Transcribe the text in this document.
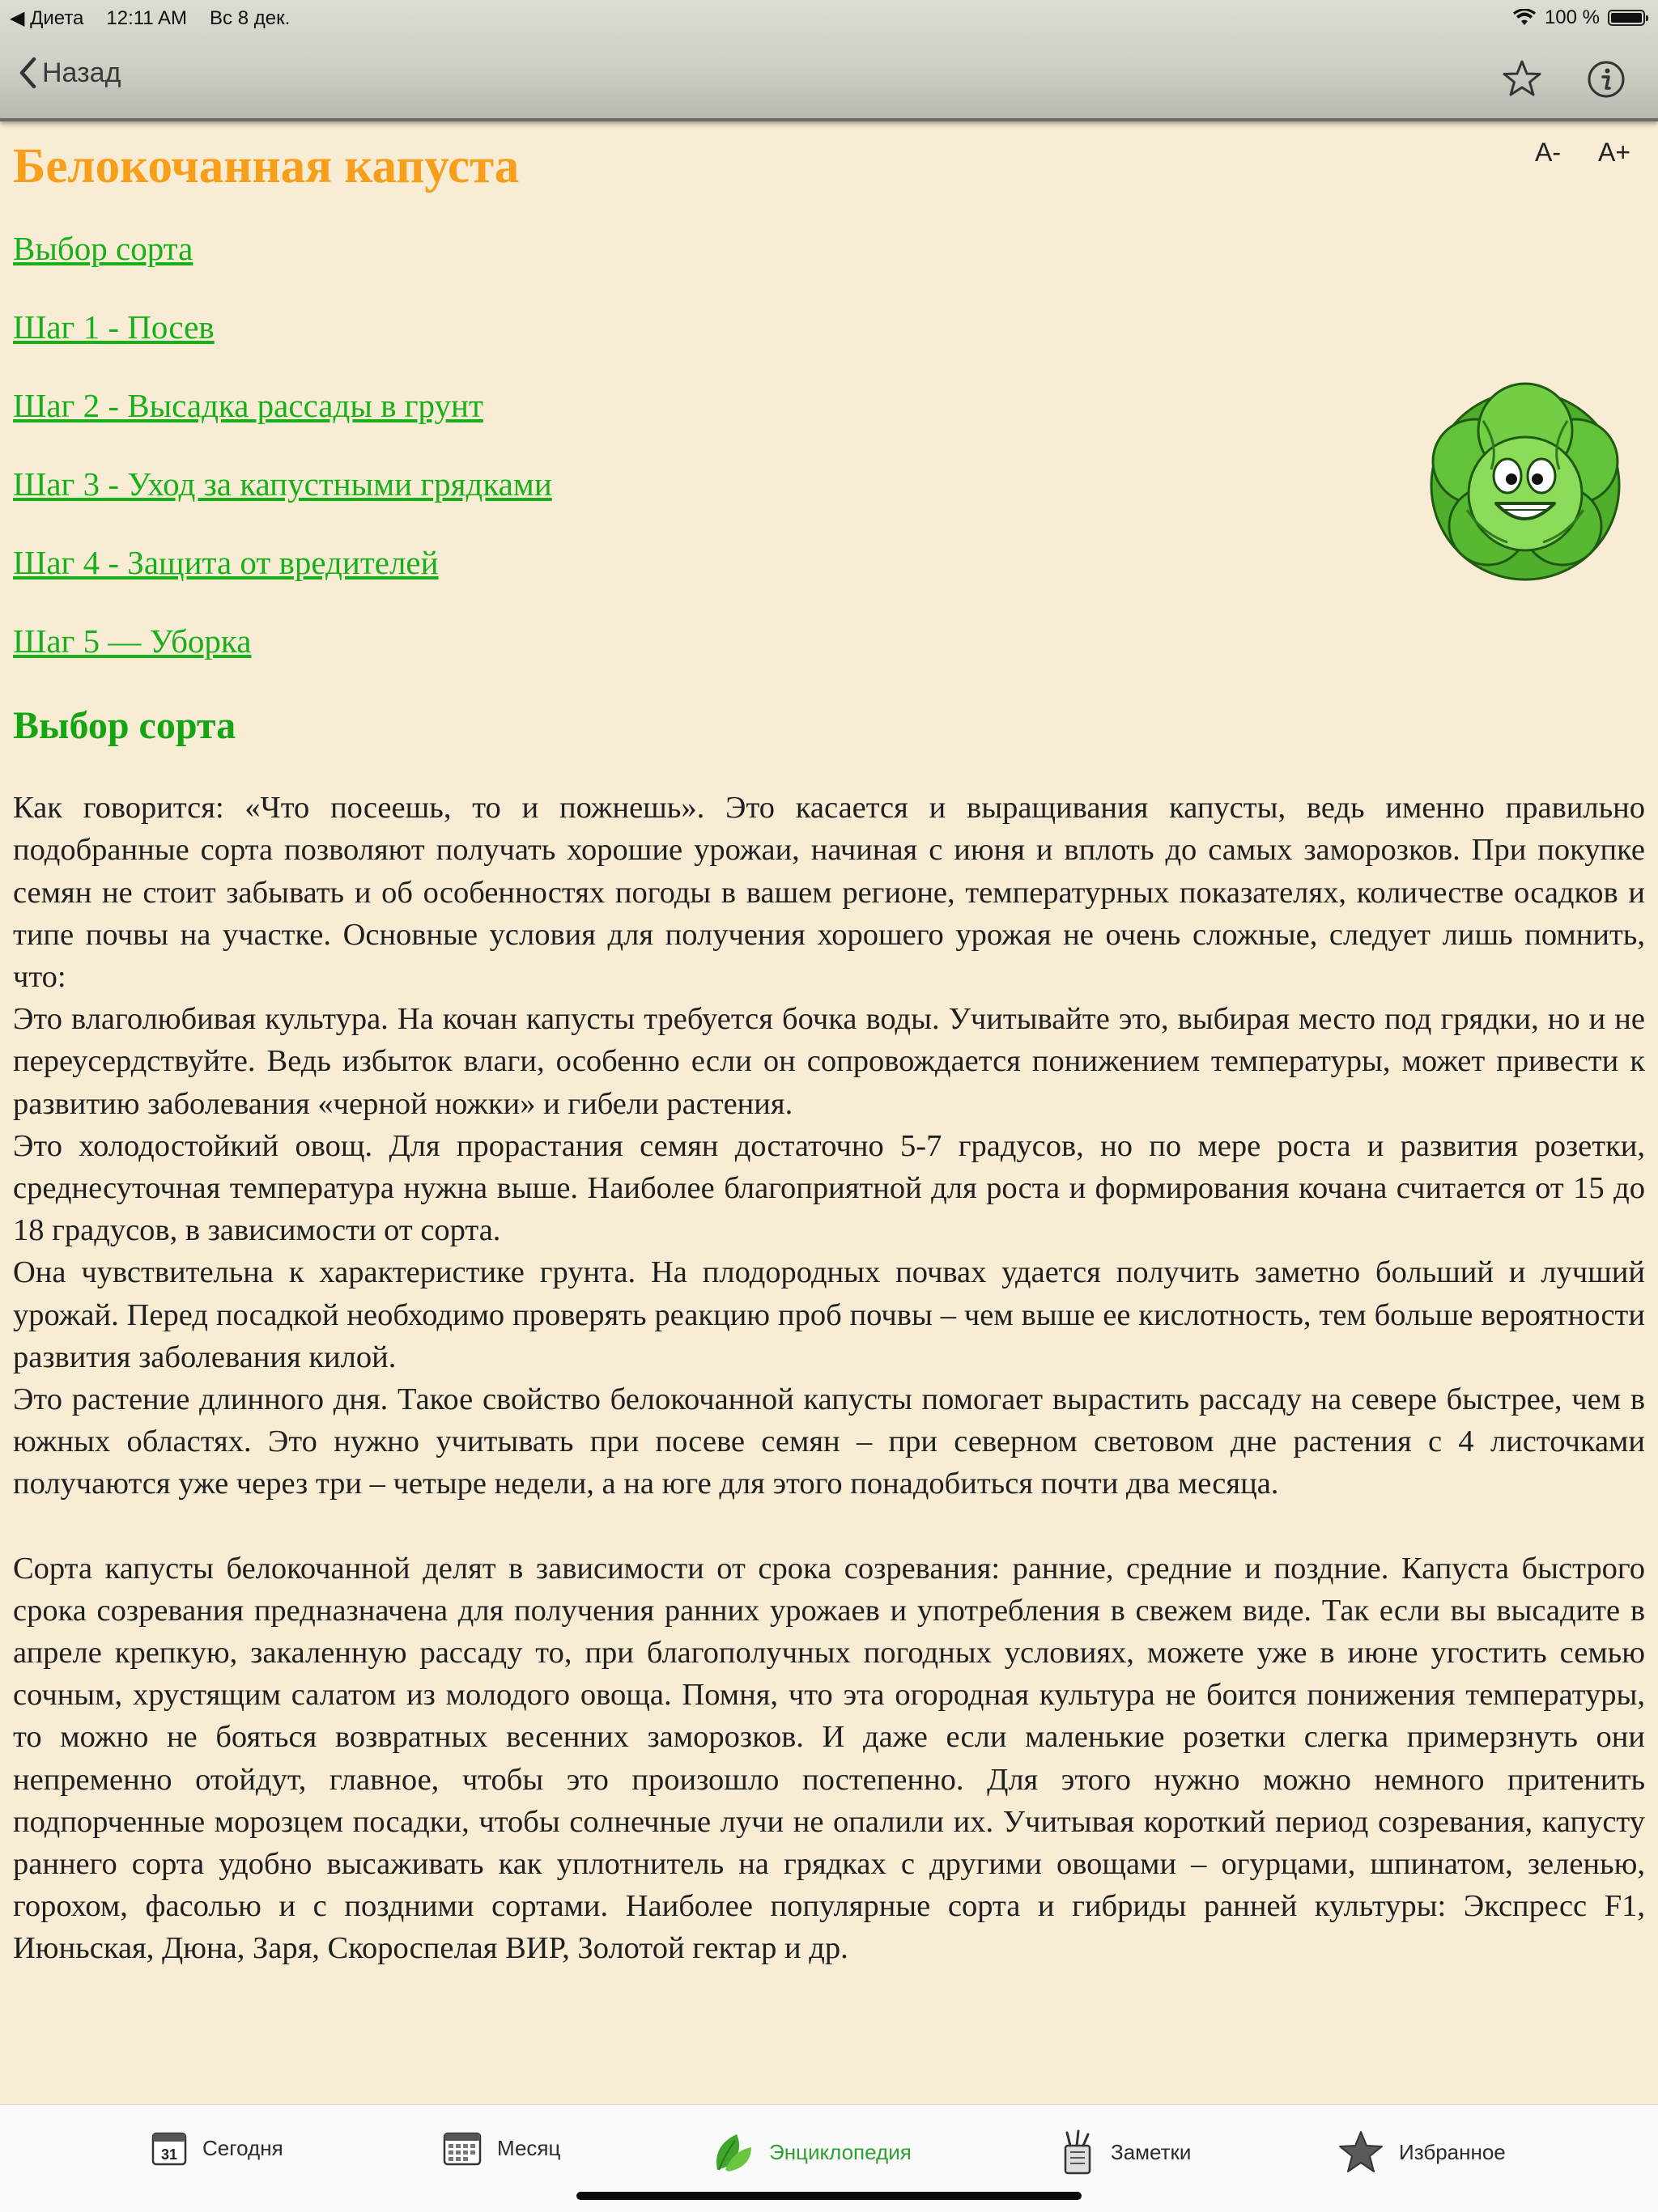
◀ Диета 12:11 AM Вс 8 дек.	100 %
Назад
A- A+
Белокочанная капуста
Выбор сорта
Шаг 1 - Посев
Шаг 2 - Высадка рассады в грунт
Шаг 3 - Уход за капустными грядками
Шаг 4 - Защита от вредителей
Шаг 5 — Уборка
Выбор сорта
Как говорится: «Что посеешь, то и пожнешь». Это касается и выращивания капусты, ведь именно правильно подобранные сорта позволяют получать хорошие урожаи, начиная с июня и вплоть до самых заморозков. При покупке семян не стоит забывать и об особенностях погоды в вашем регионе, температурных показателях, количестве осадков и типе почвы на участке. Основные условия для получения хорошего урожая не очень сложные, следует лишь помнить, что:
Это влаголюбивая культура. На кочан капусты требуется бочка воды. Учитывайте это, выбирая место под грядки, но и не переусердствуйте. Ведь избыток влаги, особенно если он сопровождается понижением температуры, может привести к развитию заболевания «черной ножки» и гибели растения.
Это холодостойкий овощ. Для прорастания семян достаточно 5-7 градусов, но по мере роста и развития розетки, среднесуточная температура нужна выше. Наиболее благоприятной для роста и формирования кочана считается от 15 до 18 градусов, в зависимости от сорта.
Она чувствительна к характеристике грунта. На плодородных почвах удается получить заметно больший и лучший урожай. Перед посадкой необходимо проверять реакцию проб почвы – чем выше ее кислотность, тем больше вероятности развития заболевания килой.
Это растение длинного дня. Такое свойство белокочанной капусты помогает вырастить рассаду на севере быстрее, чем в южных областях. Это нужно учитывать при посеве семян – при северном световом дне растения с 4 листочками получаются уже через три – четыре недели, а на юге для этого понадобиться почти два месяца.

Сорта капусты белокочанной делят в зависимости от срока созревания: ранние, средние и поздние. Капуста быстрого срока созревания предназначена для получения ранних урожаев и употребления в свежем виде. Так если вы высадите в апреле крепкую, закаленную рассаду то, при благополучных погодных условиях, можете уже в июне угостить семью сочным, хрустящим салатом из молодого овоща. Помня, что эта огородная культура не боится понижения температуры, то можно не бояться возвратных весенних заморозков. И даже если маленькие розетки слегка примерзнуть они непременно отойдут, главное, чтобы это произошло постепенно. Для этого нужно можно немного притенить подпорченные морозцем посадки, чтобы солнечные лучи не опалили их. Учитывая короткий период созревания, капусту раннего сорта удобно высаживать как уплотнитель на грядках с другими овощами – огурцами, шпинатом, зеленью, горохом, фасолью и с поздними сортами. Наиболее популярные сорта и гибриды ранней культуры: Экспресс F1, Июньская, Дюна, Заря, Скороспелая ВИР, Золотой гектар и др.

31 Сегодня	Месяц	Энциклопедия	Заметки	Избранное
